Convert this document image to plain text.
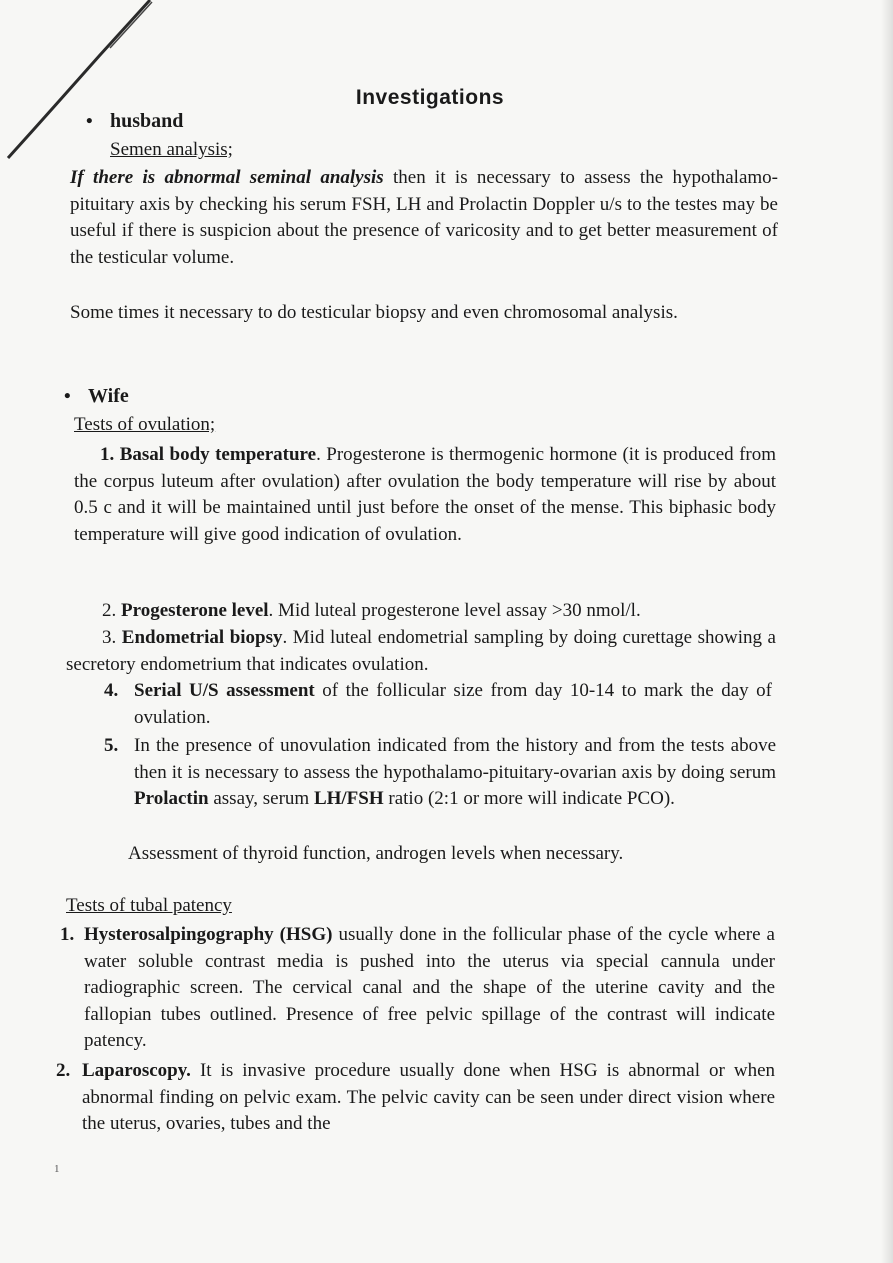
Investigations
• husband
Semen analysis;
If there is abnormal seminal analysis then it is necessary to assess the hypothalamo-pituitary axis by checking his serum FSH, LH and Prolactin Doppler u/s to the testes may be useful if there is suspicion about the presence of varicosity and to get better measurement of the testicular volume.
Some times it necessary to do testicular biopsy and even chromosomal analysis.
• Wife
Tests of ovulation;
1. Basal body temperature. Progesterone is thermogenic hormone (it is produced from the corpus luteum after ovulation) after ovulation the body temperature will rise by about 0.5 c and it will be maintained until just before the onset of the mense. This biphasic body temperature will give good indication of ovulation.
2. Progesterone level. Mid luteal progesterone level assay >30 nmol/l.
3. Endometrial biopsy. Mid luteal endometrial sampling by doing curettage showing a secretory endometrium that indicates ovulation.
4. Serial U/S assessment of the follicular size from day 10-14 to mark the day of ovulation.
5. In the presence of unovulation indicated from the history and from the tests above then it is necessary to assess the hypothalamo-pituitary-ovarian axis by doing serum Prolactin assay, serum LH/FSH ratio (2:1 or more will indicate PCO).
Assessment of thyroid function, androgen levels when necessary.
Tests of tubal patency
1. Hysterosalpingography (HSG) usually done in the follicular phase of the cycle where a water soluble contrast media is pushed into the uterus via special cannula under radiographic screen. The cervical canal and the shape of the uterine cavity and the fallopian tubes outlined. Presence of free pelvic spillage of the contrast will indicate patency.
2. Laparoscopy. It is invasive procedure usually done when HSG is abnormal or when abnormal finding on pelvic exam. The pelvic cavity can be seen under direct vision where the uterus, ovaries, tubes and the
1
